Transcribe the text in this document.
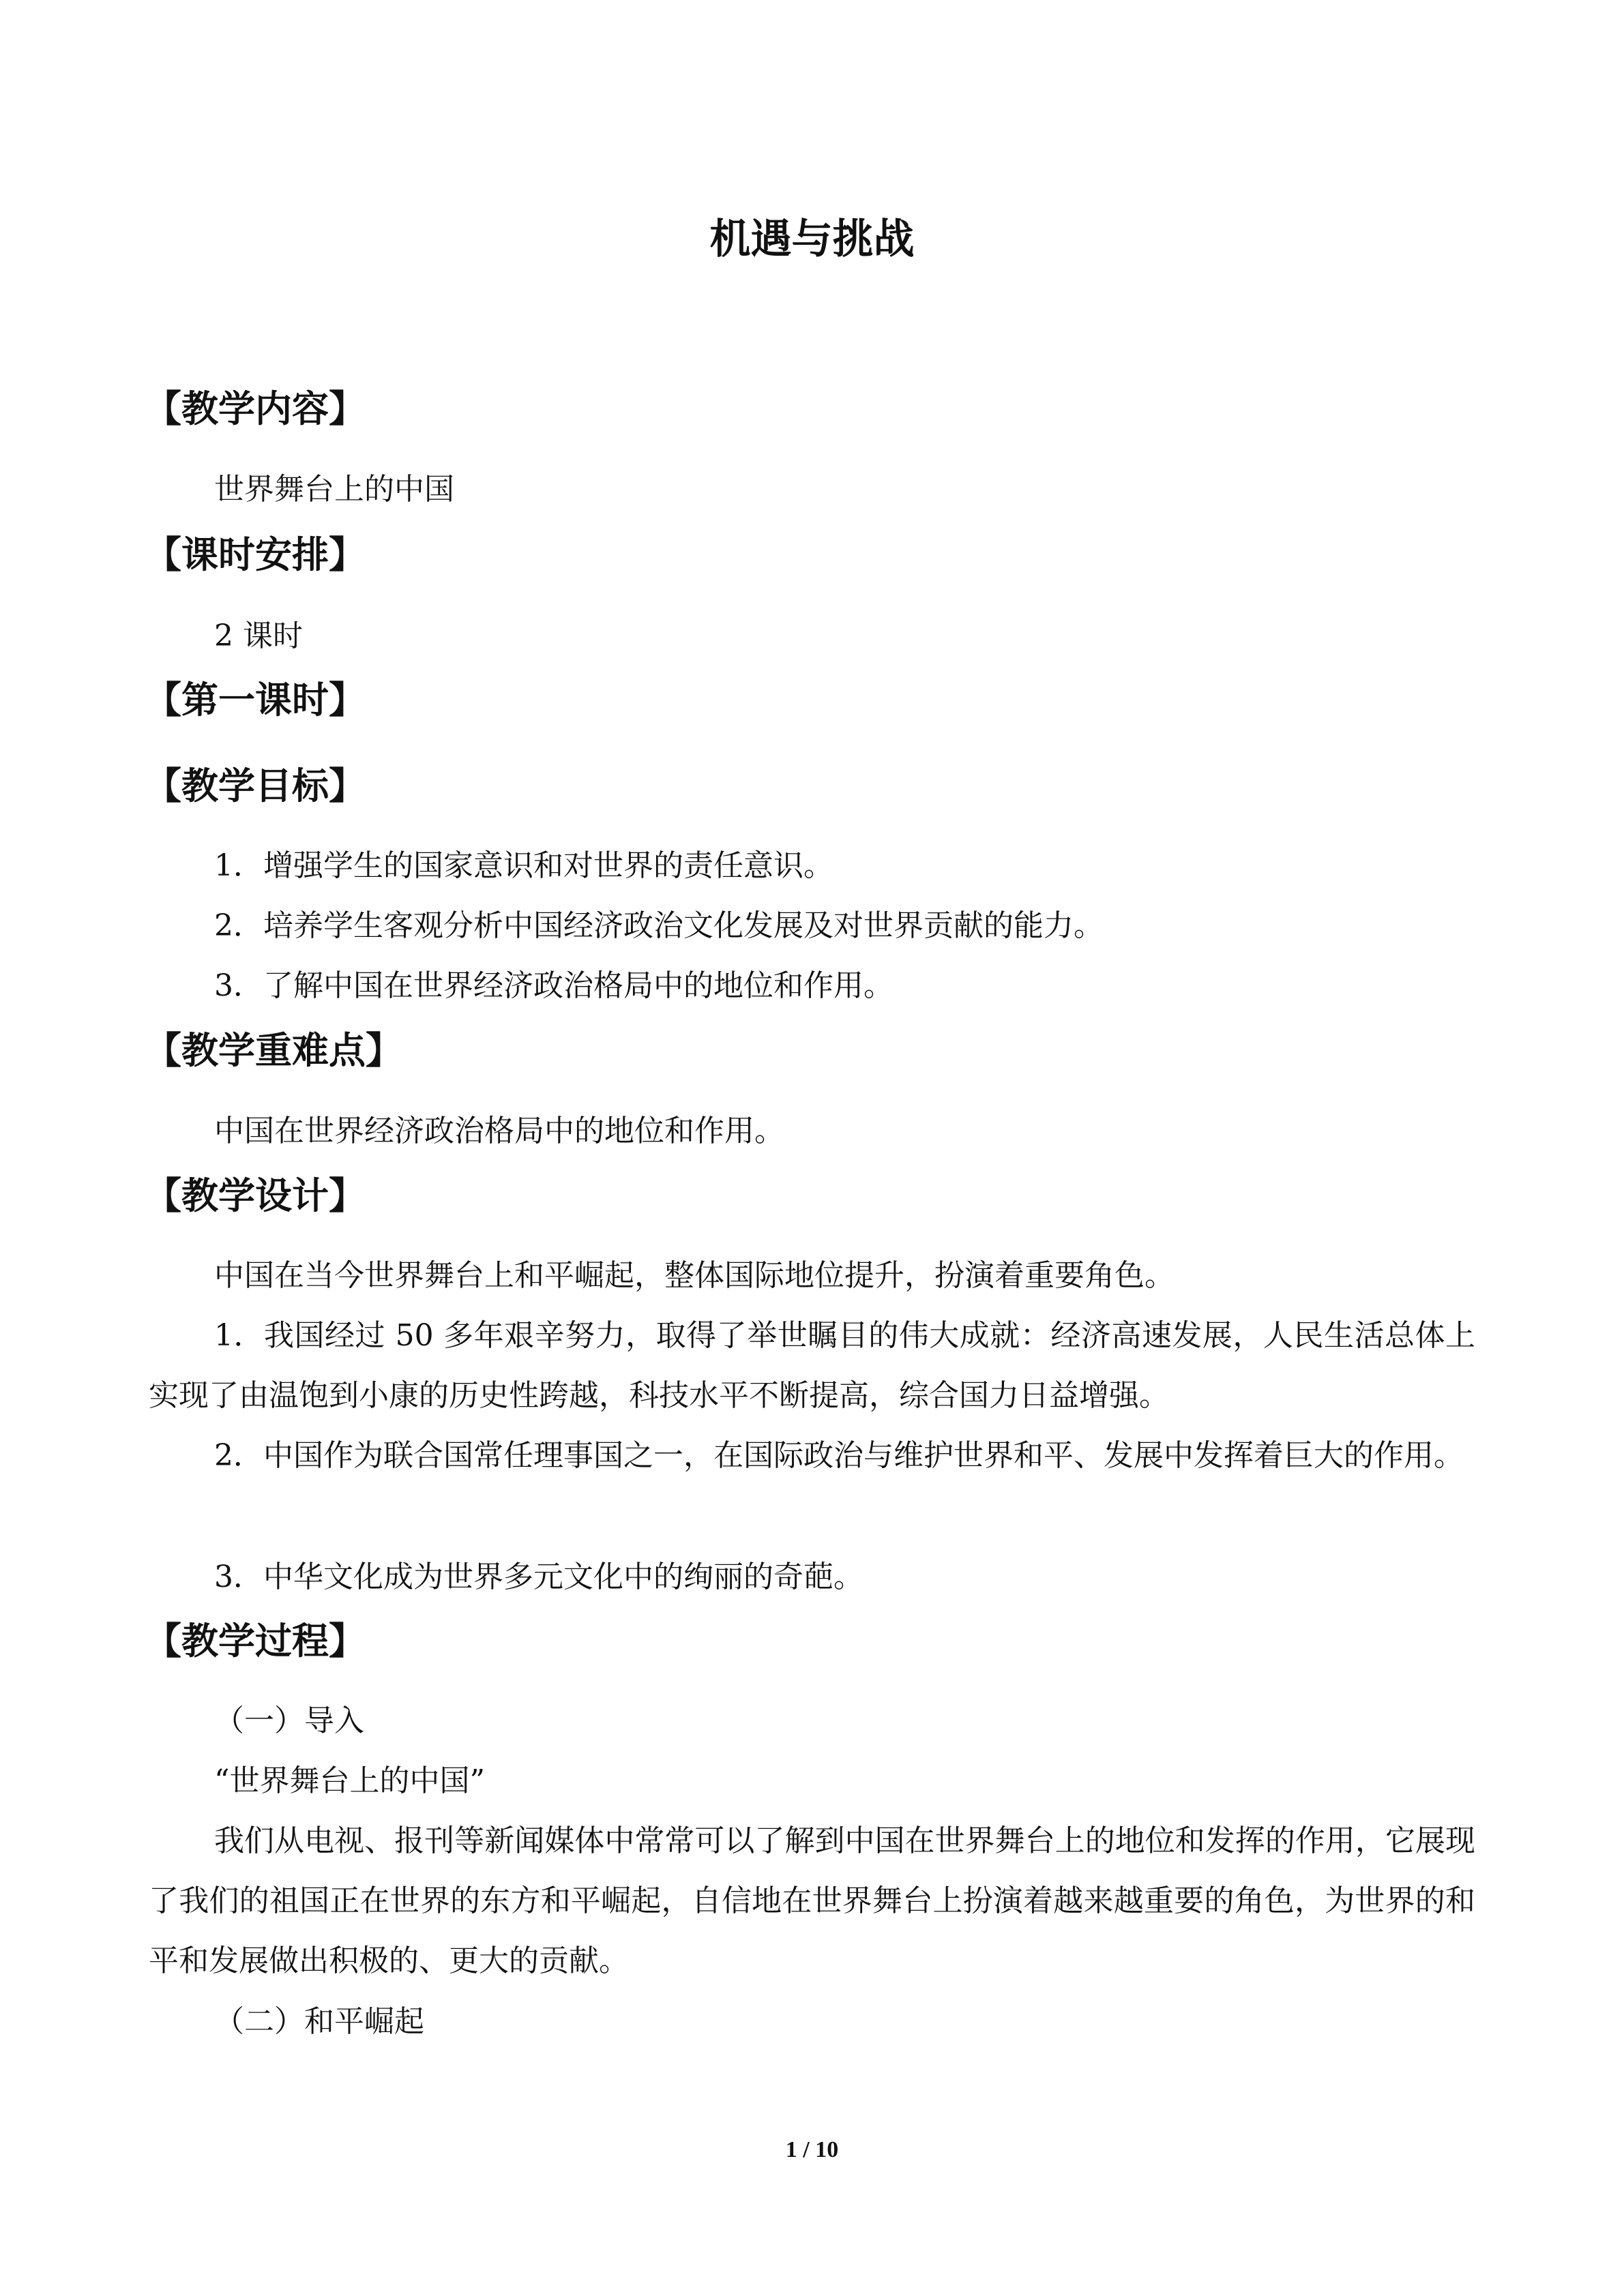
机遇与挑战
【教学内容】

世界舞台上的中国

【课时安排】

2 课时

【第一课时】
【教学目标】

1．增强学生的国家意识和对世界的责任意识。

2．培养学生客观分析中国经济政治文化发展及对世界贡献的能力。

3．了解中国在世界经济政治格局中的地位和作用。

【教学重难点】

中国在世界经济政治格局中的地位和作用。

【教学设计】

中国在当今世界舞台上和平崛起，整体国际地位提升，扮演着重要角色。

1．我国经过 50 多年艰辛努力，取得了举世瞩目的伟大成就：经济高速发展，人民生活总体上实现了由温饱到小康的历史性跨越，科技水平不断提高，综合国力日益增强。

2．中国作为联合国常任理事国之一，在国际政治与维护世界和平、发展中发挥着巨大的作用。

3．中华文化成为世界多元文化中的绚丽的奇葩。

【教学过程】

（一）导入

“世界舞台上的中国”

我们从电视、报刊等新闻媒体中常常可以了解到中国在世界舞台上的地位和发挥的作用，它展现了我们的祖国正在世界的东方和平崛起，自信地在世界舞台上扮演着越来越重要的角色，为世界的和平和发展做出积极的、更大的贡献。

（二）和平崛起

1 / 10
